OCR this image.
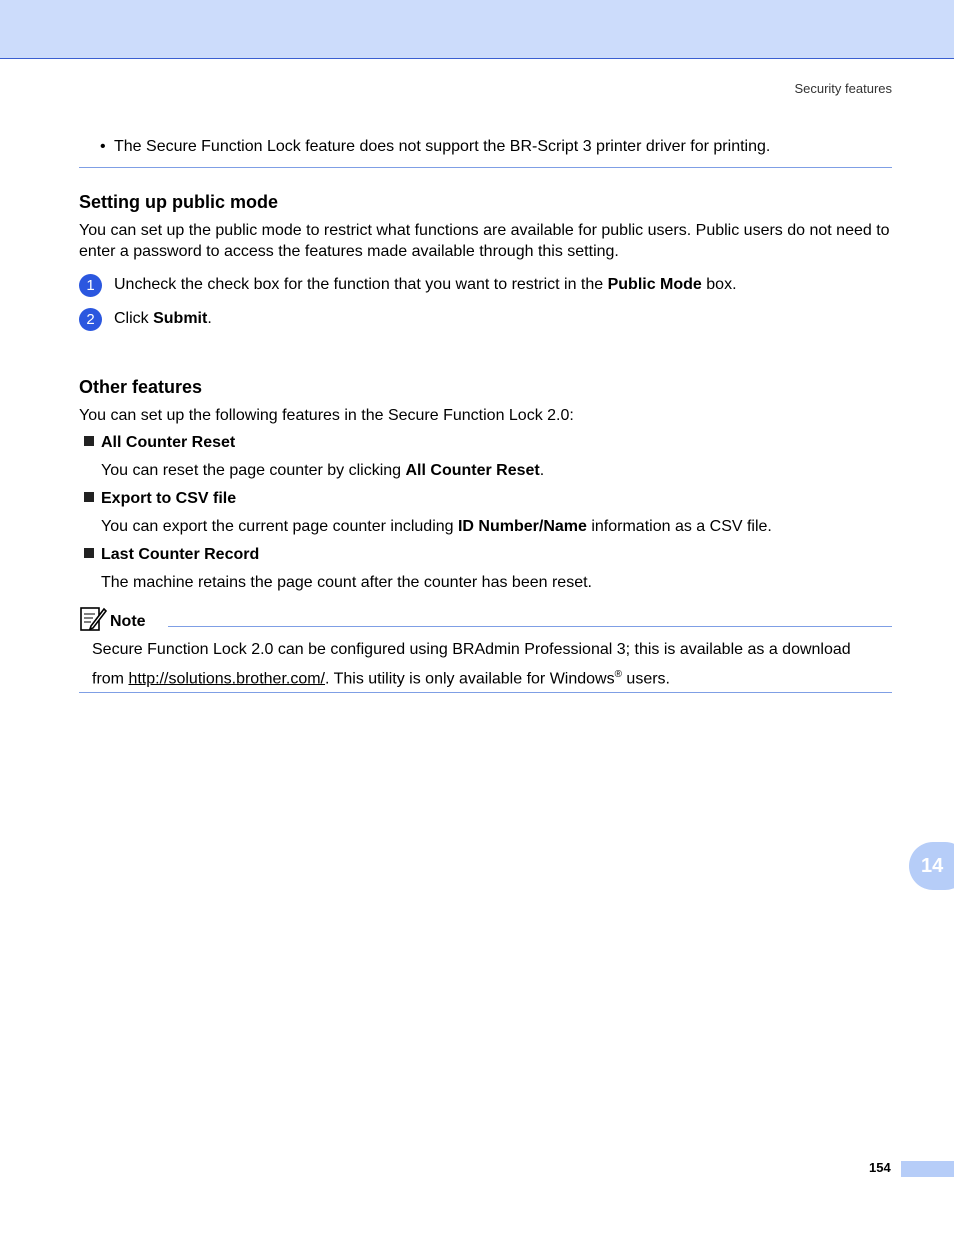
Security features
• The Secure Function Lock feature does not support the BR-Script 3 printer driver for printing.
Setting up public mode

You can set up the public mode to restrict what functions are available for public users. Public users do not need to enter a password to access the features made available through this setting.

1	Uncheck the check box for the function that you want to restrict in the Public Mode box.
2	Click Submit.
Other features

You can set up the following features in the Secure Function Lock 2.0:

All Counter Reset
You can reset the page counter by clicking All Counter Reset.
Export to CSV file
You can export the current page counter including ID Number/Name information as a CSV file.
Last Counter Record
The machine retains the page count after the counter has been reset.
Note

Secure Function Lock 2.0 can be configured using BRAdmin Professional 3; this is available as a download
from http://solutions.brother.com/. This utility is only available for Windows® users.

14
154
